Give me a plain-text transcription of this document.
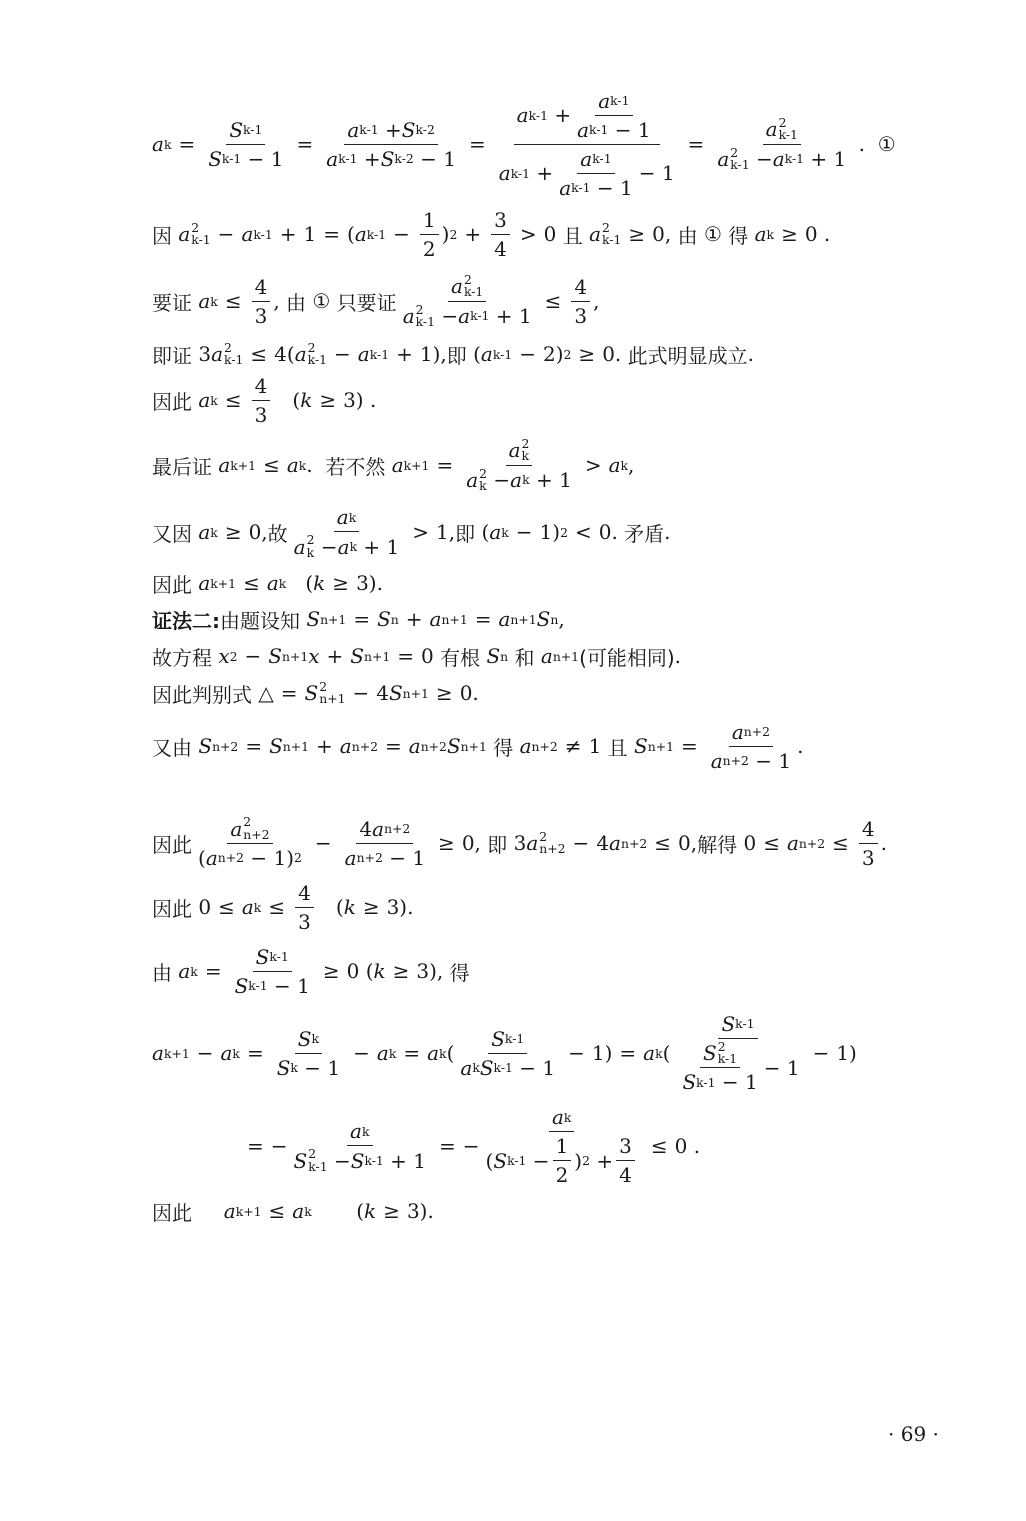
a $k = \frac{\text{S k-1}}{\text{S k-1 − 1}} = \frac{\text{a k-1 + S k-2}}{\text{a k-1 + S k-2 − 1}} = \frac{a k-1 + \frac{\text{a k-1}}{\text{a k-1 − 1}}}{a k-1 + \frac{\text{a k-1}}{\text{a k-1 − 1}} - 1} = a$ 2
k-1
a 2
k-1 − a k-1 + 1 . ①
因
a 2
k-1 − a k-1 + 1 = ( a $k-1 - \frac{1}{2}$ ) $2 + \frac{3}{4} > 0$ 且
a 2
k-1 ≥ 0, 由
①
得
a k ≥ 0 .
要证
a $k \le \frac{4}{3}$ , 由
①
只要证 a 2
k-1
a 2
k-1 − a $k-1 + 1 \le \frac{4}{3}$ ,
即证 3 a 2
k-1 ≤ 4( a 2
k-1 − a k-1 + 1), 即 ( a k-1 − 2) 2 ≥ 0. 此式明显成立 .
因此
a $k \le \frac{4}{3}$ ( k ≥ 3) .
最后证
a k+1 ≤ a k . 若不然
a k+1 = a 2
k
a 2
k − a k + 1 > a k ,
又因
a k ≥ 0, 故 a k
a 2
k − a k + 1 > 1, 即 ( a k − 1) 2 < 0. 矛盾 .
因此
a k+1 ≤ a k ( k ≥ 3).
证法二: 由题设知
S n+1 = S n + a n+1 = a n+1 S n ,
故方程
x 2 − S n+1 x + S n+1 = 0 有根
S n
和
a n+1 (可能相同) .
因此判别式 △ = S 2
n+1 − 4 S n+1 ≥ 0.
又由
S n+2 = S n+1 + a n+2 = a n+2 S n+1
得
a n+2 ≠ 1 且
S $n+1 = \frac{\text{a n+2}}{\text{a n+2 − 1}}$ .
因此 a 2
n+2
( a n+2 − 1) $2 - \frac{\text{4 a n+2}}{\text{a n+2 − 1}} \ge 0$, 即 3 a 2
n+2 − 4 a n+2 ≤ 0, 解得 0 ≤ a $n+2 \le \frac{4}{3}$ .
因此 0 ≤ a $k \le \frac{4}{3}$ ( k ≥ 3).
由
a $k = \frac{\text{S k-1}}{\text{S k-1 − 1}} \ge 0$ ( k ≥ 3), 得
a k+1 − a $k = \frac{\text{S k}}{\text{S k − 1}} - a$ k = a k ( $\frac{\text{S k-1}}{\text{a k S k-1 − 1}} - 1) = a$ k ( S k-1
S 2
k-1
S k-1 − 1 − 1 − 1)
= − a k
S 2
k-1 − S k-1 + 1 = − $\frac{\text{a k}}{( S k-1 - \frac{1}{2} ) 2 + \frac{3}{4}} \le 0$ .
因此
a k+1 ≤ a k ( k ≥ 3).
· 69 ·
